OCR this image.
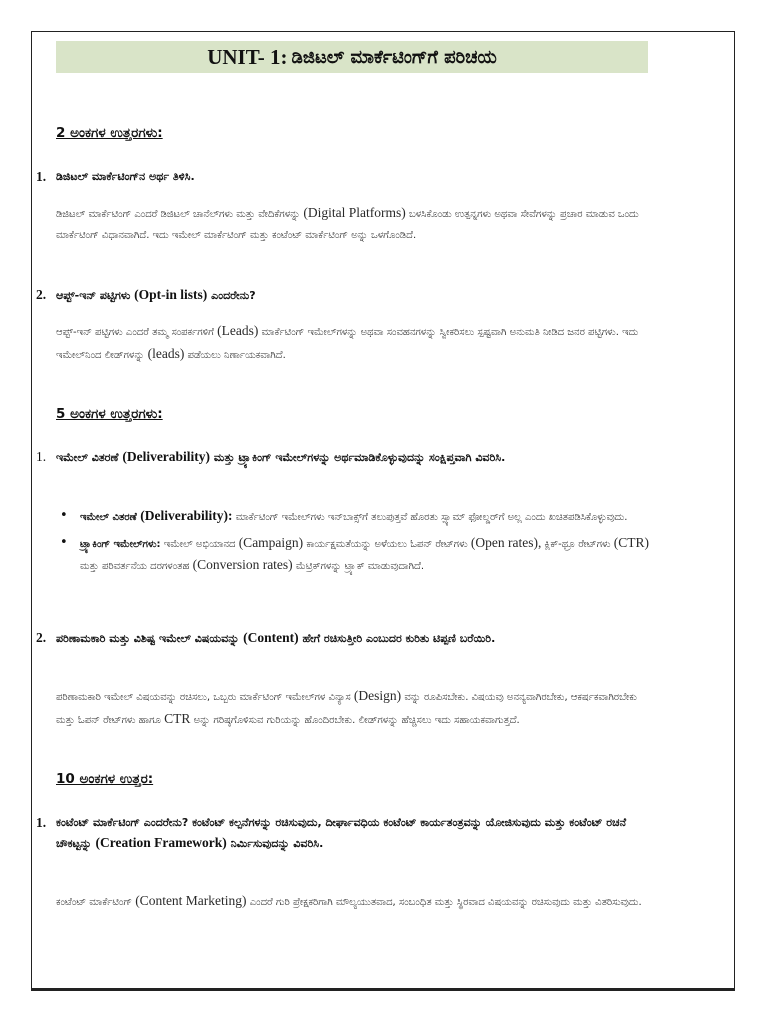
UNIT- 1: ಡಿಜಿಟಲ್ ಮಾರ್ಕೆಟಿಂಗ್‌ಗೆ ಪರಿಚಯ
2 ಅಂಕಗಳ ಉತ್ತರಗಳು:
1. ಡಿಜಿಟಲ್ ಮಾರ್ಕೆಟಿಂಗ್‌ನ ಅರ್ಥ ತಿಳಿಸಿ.
ಡಿಜಿಟಲ್ ಮಾರ್ಕೆಟಿಂಗ್ ಎಂದರೆ ಡಿಜಿಟಲ್ ಚಾನೆಲ್‌ಗಳು ಮತ್ತು ವೇದಿಕೆಗಳನ್ನು (Digital Platforms) ಬಳಸಿಕೊಂಡು ಉತ್ಪನ್ನಗಳು ಅಥವಾ ಸೇವೆಗಳನ್ನು ಪ್ರಚಾರ ಮಾಡುವ ಒಂದು ಮಾರ್ಕೆಟಿಂಗ್ ವಿಧಾನವಾಗಿದೆ. ಇದು ಇಮೇಲ್ ಮಾರ್ಕೆಟಿಂಗ್ ಮತ್ತು ಕಂಟೆಂಟ್ ಮಾರ್ಕೆಟಿಂಗ್ ಅನ್ನು ಒಳಗೊಂಡಿದೆ.
2. ಆಪ್ಟ್-ಇನ್ ಪಟ್ಟಿಗಳು (Opt-in lists) ಎಂದರೇನು?
ಆಪ್ಟ್-ಇನ್ ಪಟ್ಟಿಗಳು ಎಂದರೆ ತಮ್ಮ ಸಂಪರ್ಕಗಳಿಗೆ (Leads) ಮಾರ್ಕೆಟಿಂಗ್ ಇಮೇಲ್‌ಗಳನ್ನು ಅಥವಾ ಸಂವಹನಗಳನ್ನು ಸ್ವೀಕರಿಸಲು ಸ್ಪಷ್ಟವಾಗಿ ಅನುಮತಿ ನೀಡಿದ ಜನರ ಪಟ್ಟಿಗಳು. ಇದು ಇಮೇಲ್‌ನಿಂದ ಲೀಡ್‌ಗಳನ್ನು (leads) ಪಡೆಯಲು ನಿರ್ಣಾಯಕವಾಗಿದೆ.
5 ಅಂಕಗಳ ಉತ್ತರಗಳು:
1. ಇಮೇಲ್ ವಿತರಣೆ (Deliverability) ಮತ್ತು ಟ್ರ್ಯಾಕಿಂಗ್ ಇಮೇಲ್‌ಗಳನ್ನು ಅರ್ಥಮಾಡಿಕೊಳ್ಳುವುದನ್ನು ಸಂಕ್ಷಿಪ್ತವಾಗಿ ವಿವರಿಸಿ.
• ಇಮೇಲ್ ವಿತರಣೆ (Deliverability): ಮಾರ್ಕೆಟಿಂಗ್ ಇಮೇಲ್‌ಗಳು ಇನ್‌ಬಾಕ್ಸ್‌ಗೆ ತಲುಪುತ್ತವೆ ಹೊರತು ಸ್ಪ್ಯಾಮ್ ಫೋಲ್ಡರ್‌ಗೆ ಅಲ್ಲ ಎಂದು ಖಚಿತಪಡಿಸಿಕೊಳ್ಳುವುದು.
• ಟ್ರ್ಯಾಕಿಂಗ್ ಇಮೇಲ್‌ಗಳು: ಇಮೇಲ್ ಅಭಿಯಾನದ (Campaign) ಕಾರ್ಯಕ್ಷಮತೆಯನ್ನು ಅಳೆಯಲು ಓಪನ್ ರೇಟ್‌ಗಳು (Open rates), ಕ್ಲಿಕ್-ಥ್ರೂ ರೇಟ್‌ಗಳು (CTR) ಮತ್ತು ಪರಿವರ್ತನೆಯ ದರಗಳಂತಹ (Conversion rates) ಮೆಟ್ರಿಕ್‌ಗಳನ್ನು ಟ್ರ್ಯಾಕ್ ಮಾಡುವುದಾಗಿದೆ.
2. ಪರಿಣಾಮಕಾರಿ ಮತ್ತು ವಿಶಿಷ್ಟ ಇಮೇಲ್ ವಿಷಯವನ್ನು (Content) ಹೇಗೆ ರಚಿಸುತ್ತೀರಿ ಎಂಬುದರ ಕುರಿತು ಟಿಪ್ಪಣಿ ಬರೆಯಿರಿ.
ಪರಿಣಾಮಕಾರಿ ಇಮೇಲ್ ವಿಷಯವನ್ನು ರಚಿಸಲು, ಒಬ್ಬರು ಮಾರ್ಕೆಟಿಂಗ್ ಇಮೇಲ್‌ಗಳ ವಿನ್ಯಾಸ (Design) ವನ್ನು ರೂಪಿಸಬೇಕು. ವಿಷಯವು ಅನನ್ಯವಾಗಿರಬೇಕು, ಆಕರ್ಷಕವಾಗಿರಬೇಕು ಮತ್ತು ಓಪನ್ ರೇಟ್‌ಗಳು ಹಾಗೂ CTR ಅನ್ನು ಗರಿಷ್ಠಗೊಳಿಸುವ ಗುರಿಯನ್ನು ಹೊಂದಿರಬೇಕು. ಲೀಡ್‌ಗಳನ್ನು ಹೆಚ್ಚಿಸಲು ಇದು ಸಹಾಯಕವಾಗುತ್ತದೆ.
10 ಅಂಕಗಳ ಉತ್ತರ:
1. ಕಂಟೆಂಟ್ ಮಾರ್ಕೆಟಿಂಗ್ ಎಂದರೇನು? ಕಂಟೆಂಟ್ ಕಲ್ಪನೆಗಳನ್ನು ರಚಿಸುವುದು, ದೀರ್ಘಾವಧಿಯ ಕಂಟೆಂಟ್ ಕಾರ್ಯತಂತ್ರವನ್ನು ಯೋಜಿಸುವುದು ಮತ್ತು ಕಂಟೆಂಟ್ ರಚನೆ ಚೌಕಟ್ಟನ್ನು (Creation Framework) ನಿರ್ಮಿಸುವುದನ್ನು ವಿವರಿಸಿ.
ಕಂಟೆಂಟ್ ಮಾರ್ಕೆಟಿಂಗ್ (Content Marketing) ಎಂದರೆ ಗುರಿ ಪ್ರೇಕ್ಷಕರಿಗಾಗಿ ಮೌಲ್ಯಯುತವಾದ, ಸಂಬಂಧಿತ ಮತ್ತು ಸ್ಥಿರವಾದ ವಿಷಯವನ್ನು ರಚಿಸುವುದು ಮತ್ತು ವಿತರಿಸುವುದು.
